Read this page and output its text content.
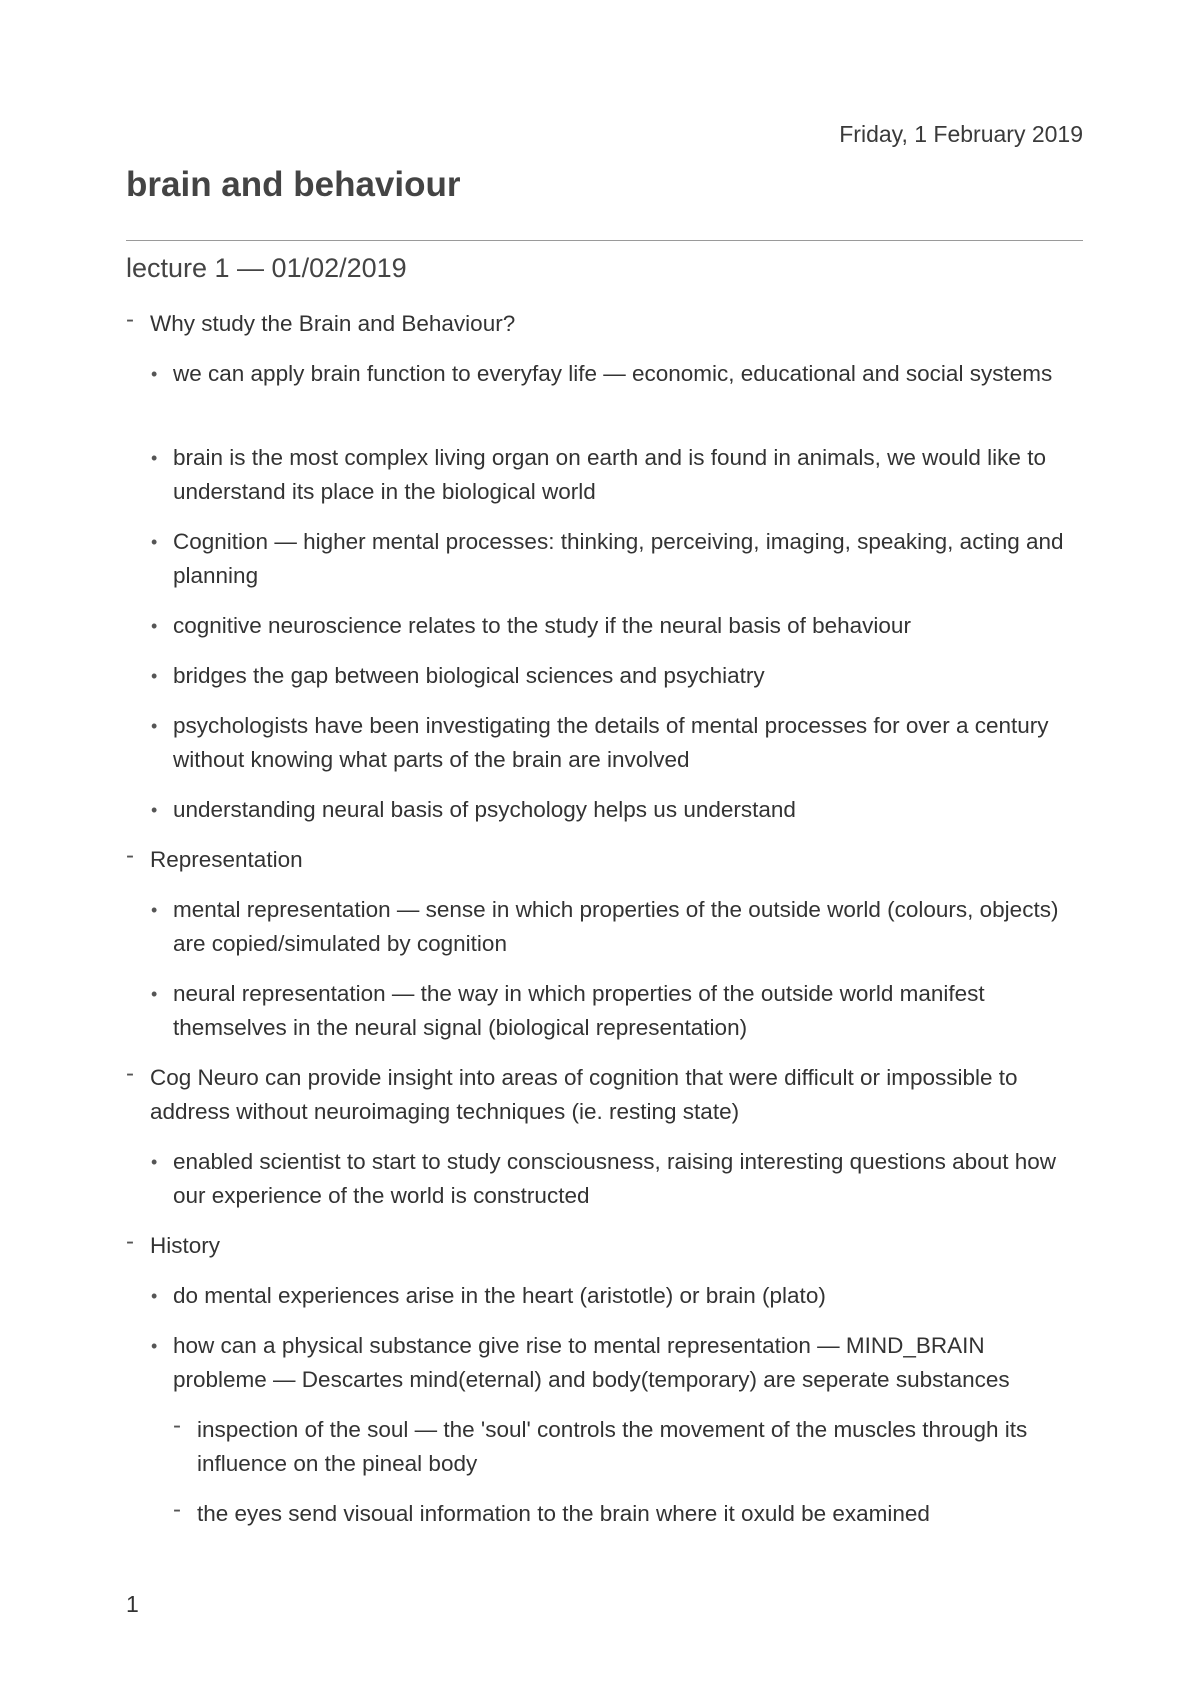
Friday, 1 February 2019
brain and behaviour
lecture 1 — 01/02/2019
- Why study the Brain and Behaviour?
• we can apply brain function to everyfay life — economic, educational and social systems
• brain is the most complex living organ on earth and is found in animals, we would like to understand its place in the biological world
• Cognition — higher mental processes: thinking, perceiving, imaging, speaking, acting and planning
• cognitive neuroscience relates to the study if the neural basis of behaviour
• bridges the gap between biological sciences and psychiatry
• psychologists have been investigating the details of mental processes for over a century without knowing what parts of the brain are involved
• understanding neural basis of psychology helps us understand
- Representation
• mental representation — sense in which properties of the outside world (colours, objects) are copied/simulated by cognition
• neural representation — the way in which properties of the outside world manifest themselves in the neural signal (biological representation)
- Cog Neuro can provide insight into areas of cognition that were difficult or impossible to address without neuroimaging techniques (ie. resting state)
• enabled scientist to start to study consciousness, raising interesting questions about how our experience of the world is constructed
- History
• do mental experiences arise in the heart (aristotle) or brain (plato)
• how can a physical substance give rise to mental representation — MIND_BRAIN probleme — Descartes mind(eternal) and body(temporary) are seperate substances
- inspection of the soul — the 'soul' controls the movement of the muscles through its influence on the pineal body
- the eyes send visoual information to the brain where it oxuld be examined
1
